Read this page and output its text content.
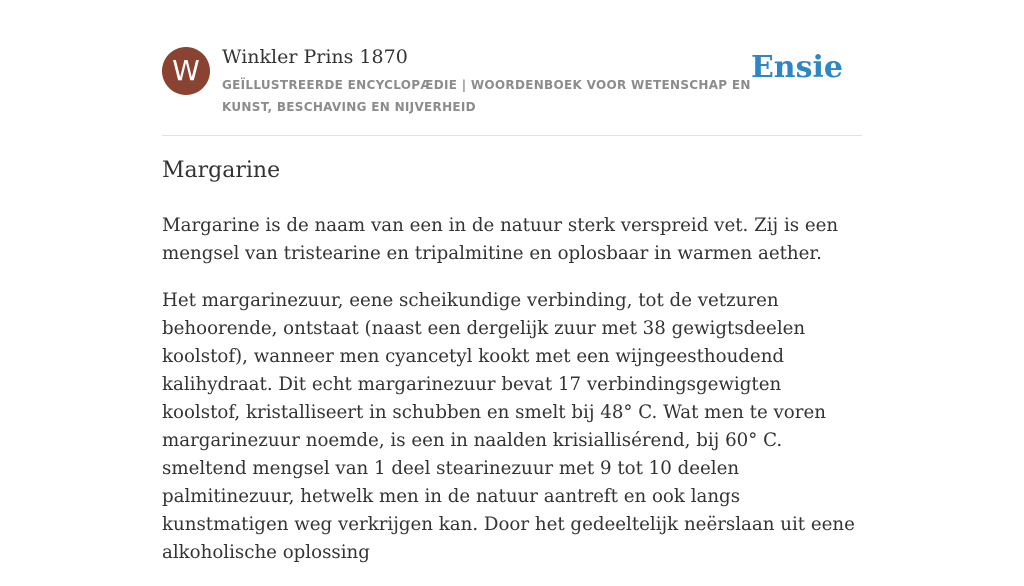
W	Winkler Prins 1870
GEÏLLUSTREERDE ENCYCLOPÆDIE | WOORDENBOEK VOOR WETENSCHAP EN KUNST, BESCHAVING EN NIJVERHEID
Ensie
Margarine

Margarine is de naam van een in de natuur sterk verspreid vet. Zij is een mengsel van tristearine en tripalmitine en oplosbaar in warmen aether.

Het margarinezuur, eene scheikundige verbinding, tot de vetzuren behoorende, ontstaat (naast een dergelijk zuur met 38 gewigtsdeelen koolstof), wanneer men cyancetyl kookt met een wijngeesthoudend kalihydraat. Dit echt margarinezuur bevat 17 verbindingsgewigten koolstof, kristalliseert in schubben en smelt bij 48° C. Wat men te voren margarinezuur noemde, is een in naalden krisiallisérend, bij 60° C. smeltend mengsel van 1 deel stearinezuur met 9 tot 10 deelen palmitinezuur, hetwelk men in de natuur aantreft en ook langs kunstmatigen weg verkrijgen kan. Door het gedeeltelijk neërslaan uit eene alkoholische oplossing
